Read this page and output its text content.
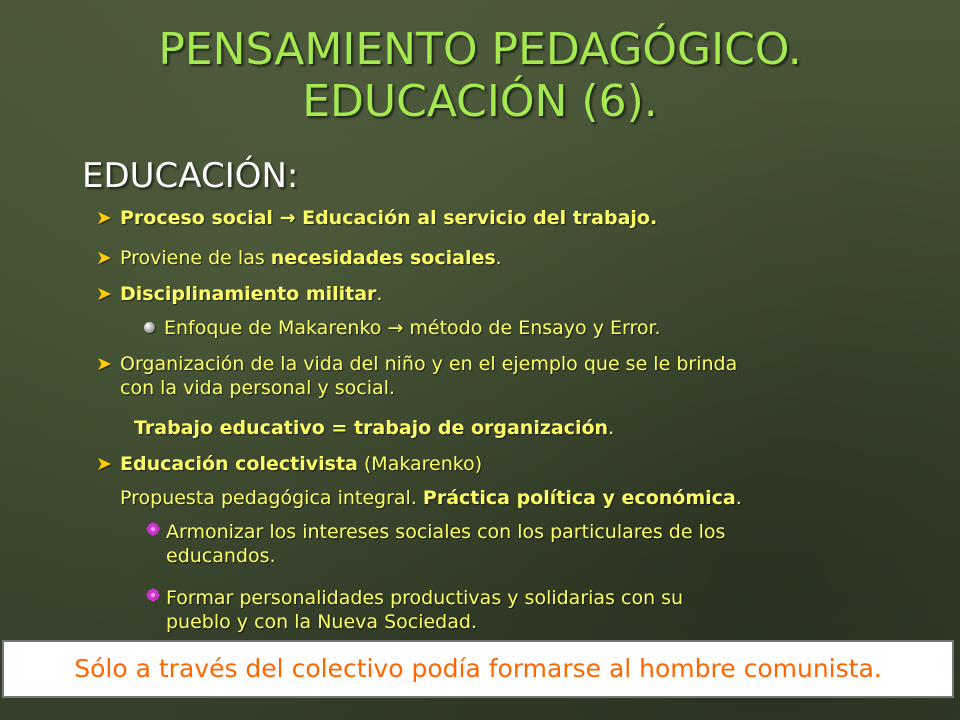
PENSAMIENTO PEDAGÓGICO.
EDUCACIÓN (6).
EDUCACIÓN:
➤ Proceso social → Educación al servicio del trabajo.
➤ Proviene de las necesidades sociales.
➤ Disciplinamiento militar.
Enfoque de Makarenko → método de Ensayo y Error.
➤ Organización de la vida del niño y en el ejemplo que se le brinda
con la vida personal y social.
Trabajo educativo = trabajo de organización.
➤ Educación colectivista (Makarenko)
Propuesta pedagógica integral. Práctica política y económica.
Armonizar los intereses sociales con los particulares de los
educandos.
Formar personalidades productivas y solidarias con su
pueblo y con la Nueva Sociedad.
Sólo a través del colectivo podía formarse al hombre comunista.
